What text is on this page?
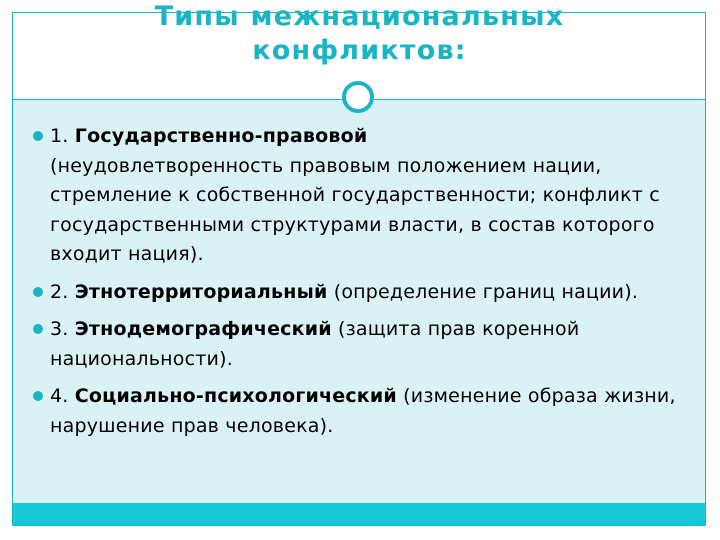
Типы межнациональных
конфликтов:
1. Государственно-правовой
(неудовлетворенность правовым положением нации, стремление к собственной государственности; конфликт с государственными структурами власти, в состав которого входит нация).
2. Этнотерриториальный (определение границ нации).
3. Этнодемографический (защита прав коренной национальности).
4. Социально-психологический (изменение образа жизни, нарушение прав человека).
